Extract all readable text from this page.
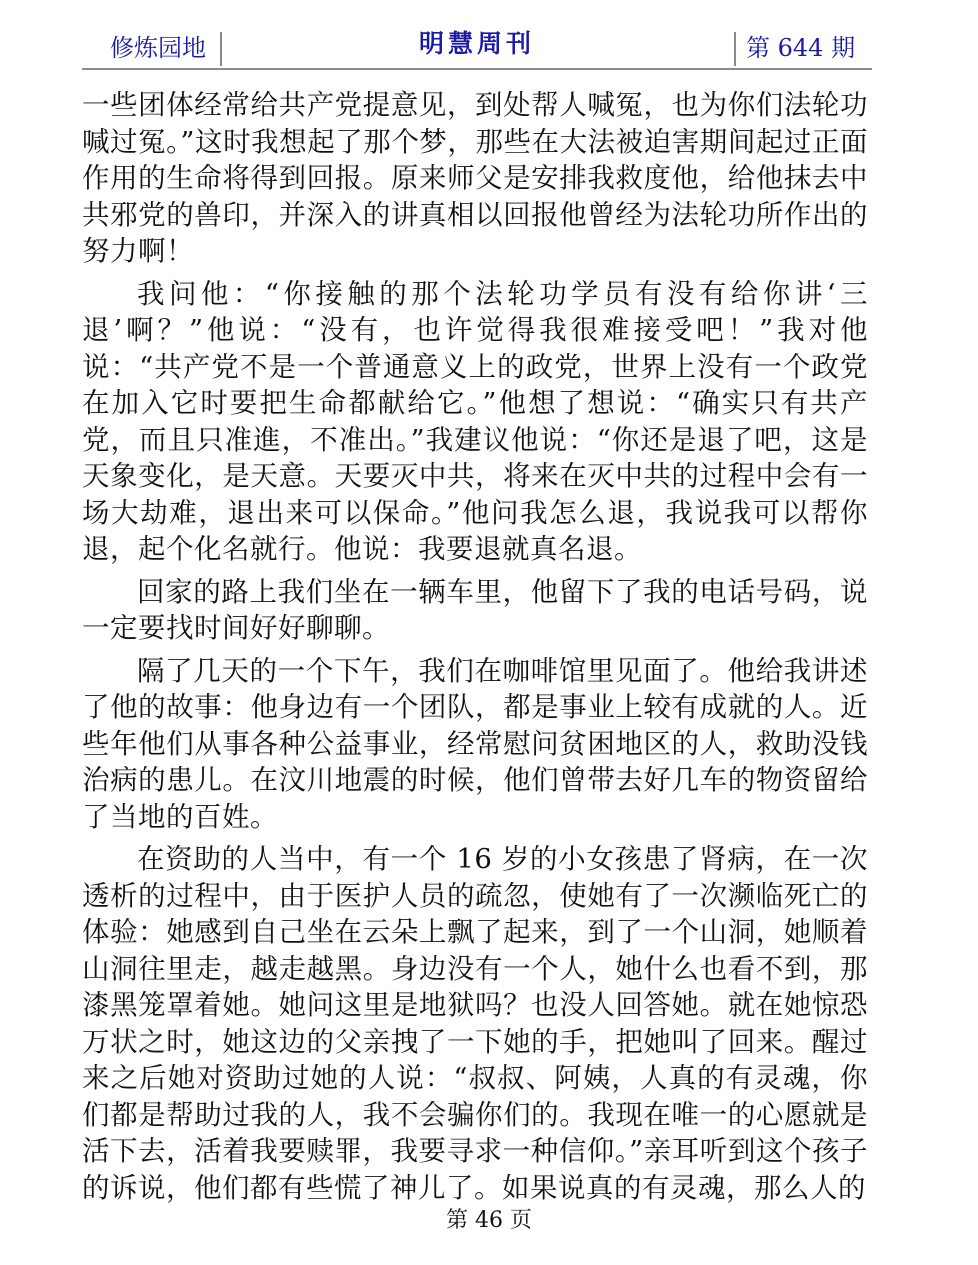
修炼园地	明慧周刊	第 644 期

一些团体经常给共产党提意见，到处帮人喊冤，也为你们法轮功喊过冤。”这时我想起了那个梦，那些在大法被迫害期间起过正面作用的生命将得到回报。原来师父是安排我救度他，给他抹去中共邪党的兽印，并深入的讲真相以回报他曾经为法轮功所作出的努力啊！

我问他：“你接触的那个法轮功学员有没有给你讲‘三退’啊？”他说：“没有，也许觉得我很难接受吧！”我对他说：“共产党不是一个普通意义上的政党，世界上没有一个政党在加入它时要把生命都献给它。”他想了想说：“确实只有共产党，而且只准進，不准出。”我建议他说：“你还是退了吧，这是天象变化，是天意。天要灭中共，将来在灭中共的过程中会有一场大劫难，退出来可以保命。”他问我怎么退，我说我可以帮你退，起个化名就行。他说：我要退就真名退。

回家的路上我们坐在一辆车里，他留下了我的电话号码，说一定要找时间好好聊聊。

隔了几天的一个下午，我们在咖啡馆里见面了。他给我讲述了他的故事：他身边有一个团队，都是事业上较有成就的人。近些年他们从事各种公益事业，经常慰问贫困地区的人，救助没钱治病的患儿。在汶川地震的时候，他们曾带去好几车的物资留给了当地的百姓。

在资助的人当中，有一个 16 岁的小女孩患了肾病，在一次透析的过程中，由于医护人员的疏忽，使她有了一次濒临死亡的体验：她感到自己坐在云朵上飘了起来，到了一个山洞，她顺着山洞往里走，越走越黑。身边没有一个人，她什么也看不到，那漆黑笼罩着她。她问这里是地狱吗？也没人回答她。就在她惊恐万状之时，她这边的父亲拽了一下她的手，把她叫了回来。醒过来之后她对资助过她的人说：“叔叔、阿姨，人真的有灵魂，你们都是帮助过我的人，我不会骗你们的。我现在唯一的心愿就是活下去，活着我要赎罪，我要寻求一种信仰。”亲耳听到这个孩子的诉说，他们都有些慌了神儿了。如果说真的有灵魂，那么人的

第 46 页
